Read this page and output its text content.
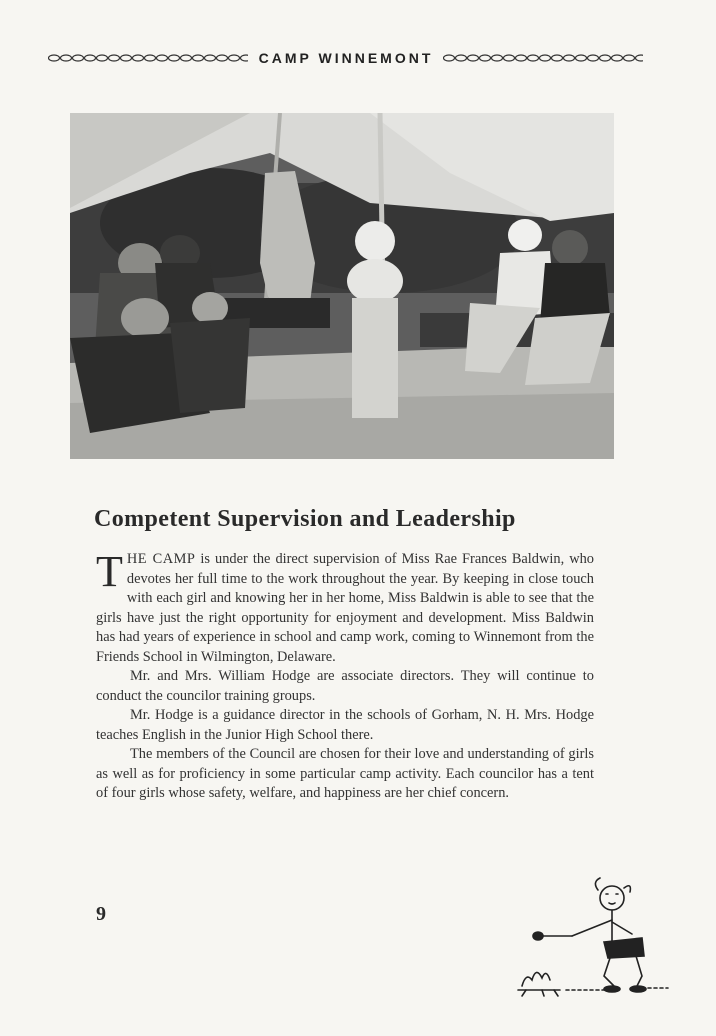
CAMP WINNEMONT
Competent Supervision and Leadership

THE CAMP is under the direct supervision of Miss Rae Frances Baldwin, who devotes her full time to the work throughout the year. By keeping in close touch with each girl and knowing her in her home, Miss Baldwin is able to see that the girls have just the right opportunity for enjoyment and development. Miss Baldwin has had years of experience in school and camp work, coming to Winnemont from the Friends School in Wilmington, Delaware.

Mr. and Mrs. William Hodge are associate directors. They will continue to conduct the councilor training groups.

Mr. Hodge is a guidance director in the schools of Gorham, N. H. Mrs. Hodge teaches English in the Junior High School there.

The members of the Council are chosen for their love and understanding of girls as well as for proficiency in some particular camp activity. Each councilor has a tent of four girls whose safety, welfare, and happiness are her chief concern.

9
